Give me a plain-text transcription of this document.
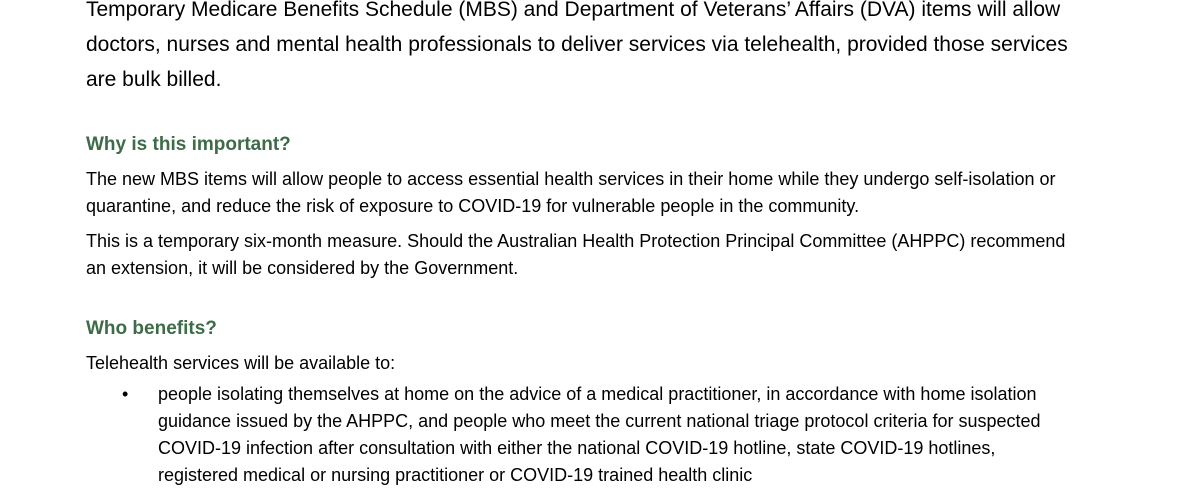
Temporary Medicare Benefits Schedule (MBS) and Department of Veterans’ Affairs (DVA) items will allow doctors, nurses and mental health professionals to deliver services via telehealth, provided those services are bulk billed.

Why is this important?

The new MBS items will allow people to access essential health services in their home while they undergo self-isolation or quarantine, and reduce the risk of exposure to COVID-19 for vulnerable people in the community.

This is a temporary six-month measure. Should the Australian Health Protection Principal Committee (AHPPC) recommend an extension, it will be considered by the Government.

Who benefits?

Telehealth services will be available to:

• people isolating themselves at home on the advice of a medical practitioner, in accordance with home isolation guidance issued by the AHPPC, and people who meet the current national triage protocol criteria for suspected COVID-19 infection after consultation with either the national COVID-19 hotline, state COVID-19 hotlines, registered medical or nursing practitioner or COVID-19 trained health clinic
